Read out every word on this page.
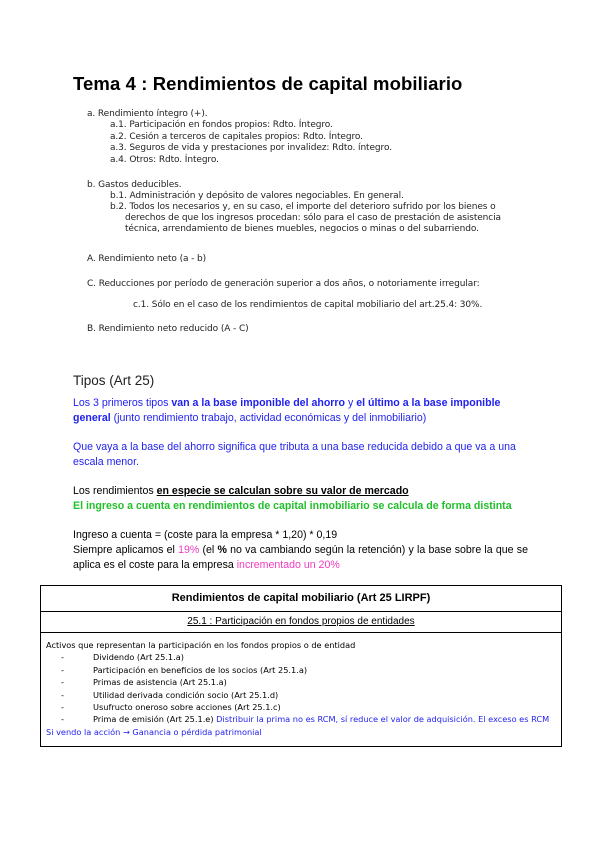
Tema 4 : Rendimientos de capital mobiliario
a. Rendimiento íntegro (+).
a.1. Participación en fondos propios: Rdto. Íntegro.
a.2. Cesión a terceros de capitales propios: Rdto. Íntegro.
a.3. Seguros de vida y prestaciones por invalidez: Rdto. íntegro.
a.4. Otros: Rdto. Íntegro.
b. Gastos deducibles.
b.1. Administración y depósito de valores negociables. En general.
b.2. Todos los necesarios y, en su caso, el importe del deterioro sufrido por los bienes o
derechos de que los ingresos procedan: sólo para el caso de prestación de asistencia
técnica, arrendamiento de bienes muebles, negocios o minas o del subarriendo.
A. Rendimiento neto (a - b)
C. Reducciones por período de generación superior a dos años, o notoriamente irregular:
c.1. Sólo en el caso de los rendimientos de capital mobiliario del art.25.4: 30%.
B. Rendimiento neto reducido (A - C)
Tipos (Art 25)
Los 3 primeros tipos van a la base imponible del ahorro y el último a la base imponible general (junto rendimiento trabajo, actividad económicas y del inmobiliario)
Que vaya a la base del ahorro significa que tributa a una base reducida debido a que va a una escala menor.
Los rendimientos en especie se calculan sobre su valor de mercado
El ingreso a cuenta en rendimientos de capital inmobiliario se calcula de forma distinta
Ingreso a cuenta = (coste para la empresa * 1,20) * 0,19
Siempre aplicamos el 19% (el % no va cambiando según la retención) y la base sobre la que se aplica es el coste para la empresa incrementado un 20%
Rendimientos de capital mobiliario (Art 25 LIRPF)
25.1 : Participación en fondos propios de entidades
Activos que representan la participación en los fondos propios o de entidad
-	Dividendo (Art 25.1.a)
-	Participación en beneficios de los socios (Art 25.1.a)
-	Primas de asistencia (Art 25.1.a)
-	Utilidad derivada condición socio (Art 25.1.d)
-	Usufructo oneroso sobre acciones (Art 25.1.c)
-	Prima de emisión (Art 25.1.e) Distribuir la prima no es RCM, sí reduce el valor de adquisición. El exceso es RCM
Si vendo la acción → Ganancia o pérdida patrimonial
